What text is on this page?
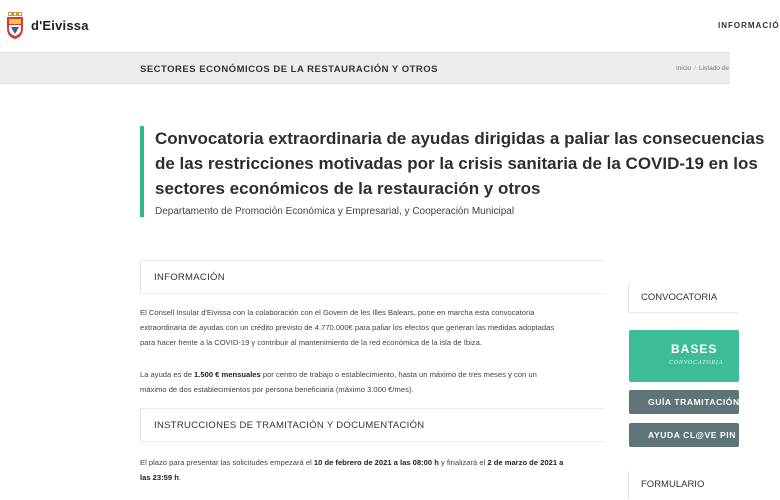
d'Eivissa	INFORMACIÓ
SECTORES ECONÓMICOS DE LA RESTAURACIÓN Y OTROS	Inicio / Listado de
Convocatoria extraordinaria de ayudas dirigidas a paliar las consecuencias
de las restricciones motivadas por la crisis sanitaria de la COVID-19 en los
sectores económicos de la restauración y otros
Departamento de Promoción Económica y Empresarial, y Cooperación Municipal
INFORMACIÓN
El Consell Insular d'Eivissa con la colaboración con el Govern de les Illes Balears, pone en marcha esta convocatoria
extraordinaria de ayudas con un crédito previsto de 4.770.000€ para paliar los efectos que generan las medidas adoptadas
para hacer frente a la COVID-19 y contribuir al mantenimiento de la red económica de la isla de Ibiza.
La ayuda es de 1.500 € mensuales por centro de trabajo o establecimiento, hasta un máximo de tres meses y con un
máximo de dos establecimientos por persona beneficiaria (máximo 3.000 €/mes).
INSTRUCCIONES DE TRAMITACIÓN Y DOCUMENTACIÓN
El plazo para presentar las solicitudes empezará el 10 de febrero de 2021 a las 08:00 h y finalizará el 2 de marzo de 2021 a
las 23:59 h.
CONVOCATORIA
BASES
CONVOCATORIA
GUÍA TRAMITACIÓN
AYUDA CL@VE PIN
FORMULARIO
